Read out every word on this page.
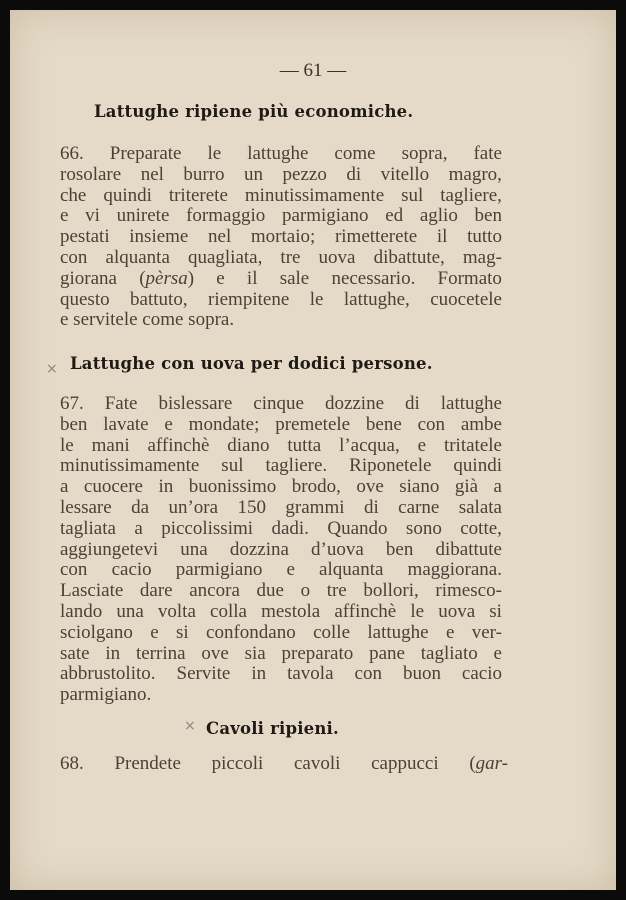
— 61 —
Lattughe ripiene più economiche.
66. Preparate le lattughe come sopra, fate
rosolare nel burro un pezzo di vitello magro,
che quindi triterete minutissimamente sul tagliere,
e vi unirete formaggio parmigiano ed aglio ben
pestati insieme nel mortaio; rimetterete il tutto
con alquanta quagliata, tre uova dibattute, mag-
giorana (pèrsa) e il sale necessario. Formato
questo battuto, riempitene le lattughe, cuocetele
e servitele come sopra.
× Lattughe con uova per dodici persone.
67. Fate bislessare cinque dozzine di lattughe
ben lavate e mondate; premetele bene con ambe
le mani affinchè diano tutta l’acqua, e tritatele
minutissimamente sul tagliere. Riponetele quindi
a cuocere in buonissimo brodo, ove siano già a
lessare da un’ora 150 grammi di carne salata
tagliata a piccolissimi dadi. Quando sono cotte,
aggiungetevi una dozzina d’uova ben dibattute
con cacio parmigiano e alquanta maggiorana.
Lasciate dare ancora due o tre bollori, rimesco-
lando una volta colla mestola affinchè le uova si
sciolgano e si confondano colle lattughe e ver-
sate in terrina ove sia preparato pane tagliato e
abbrustolito. Servite in tavola con buon cacio
parmigiano.
× Cavoli ripieni.
68. Prendete piccoli cavoli cappucci (gar-
